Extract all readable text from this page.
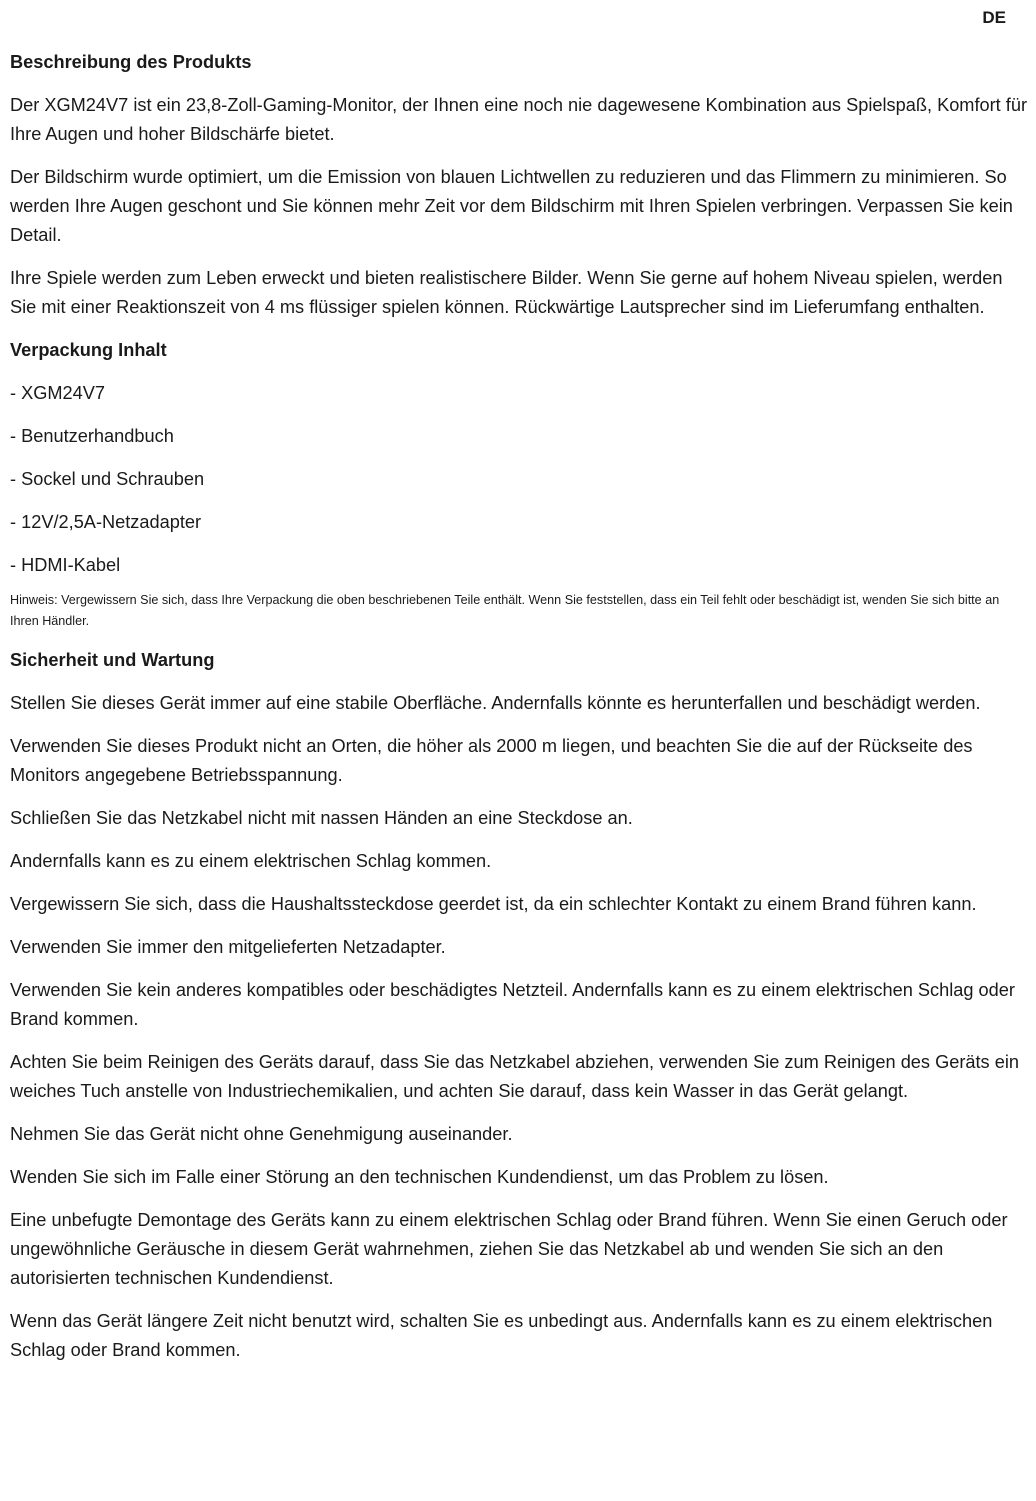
DE
Beschreibung des Produkts

Der XGM24V7 ist ein 23,8-Zoll-Gaming-Monitor, der Ihnen eine noch nie dagewesene Kombination aus Spielspaß, Komfort für Ihre Augen und hoher Bildschärfe bietet.

Der Bildschirm wurde optimiert, um die Emission von blauen Lichtwellen zu reduzieren und das Flimmern zu minimieren. So werden Ihre Augen geschont und Sie können mehr Zeit vor dem Bildschirm mit Ihren Spielen verbringen. Verpassen Sie kein Detail.

Ihre Spiele werden zum Leben erweckt und bieten realistischere Bilder. Wenn Sie gerne auf hohem Niveau spielen, werden Sie mit einer Reaktionszeit von 4 ms flüssiger spielen können. Rückwärtige Lautsprecher sind im Lieferumfang enthalten.

Verpackung Inhalt

- XGM24V7

- Benutzerhandbuch

- Sockel und Schrauben

- 12V/2,5A-Netzadapter

- HDMI-Kabel

Hinweis: Vergewissern Sie sich, dass Ihre Verpackung die oben beschriebenen Teile enthält. Wenn Sie feststellen, dass ein Teil fehlt oder beschädigt ist, wenden Sie sich bitte an Ihren Händler.

Sicherheit und Wartung

Stellen Sie dieses Gerät immer auf eine stabile Oberfläche. Andernfalls könnte es herunterfallen und beschädigt werden.

Verwenden Sie dieses Produkt nicht an Orten, die höher als 2000 m liegen, und beachten Sie die auf der Rückseite des Monitors angegebene Betriebsspannung.

Schließen Sie das Netzkabel nicht mit nassen Händen an eine Steckdose an.

Andernfalls kann es zu einem elektrischen Schlag kommen.

Vergewissern Sie sich, dass die Haushaltssteckdose geerdet ist, da ein schlechter Kontakt zu einem Brand führen kann.

Verwenden Sie immer den mitgelieferten Netzadapter.

Verwenden Sie kein anderes kompatibles oder beschädigtes Netzteil. Andernfalls kann es zu einem elektrischen Schlag oder Brand kommen.

Achten Sie beim Reinigen des Geräts darauf, dass Sie das Netzkabel abziehen, verwenden Sie zum Reinigen des Geräts ein weiches Tuch anstelle von Industriechemikalien, und achten Sie darauf, dass kein Wasser in das Gerät gelangt.

Nehmen Sie das Gerät nicht ohne Genehmigung auseinander.

Wenden Sie sich im Falle einer Störung an den technischen Kundendienst, um das Problem zu lösen.

Eine unbefugte Demontage des Geräts kann zu einem elektrischen Schlag oder Brand führen. Wenn Sie einen Geruch oder ungewöhnliche Geräusche in diesem Gerät wahrnehmen, ziehen Sie das Netzkabel ab und wenden Sie sich an den autorisierten technischen Kundendienst.

Wenn das Gerät längere Zeit nicht benutzt wird, schalten Sie es unbedingt aus. Andernfalls kann es zu einem elektrischen Schlag oder Brand kommen.
